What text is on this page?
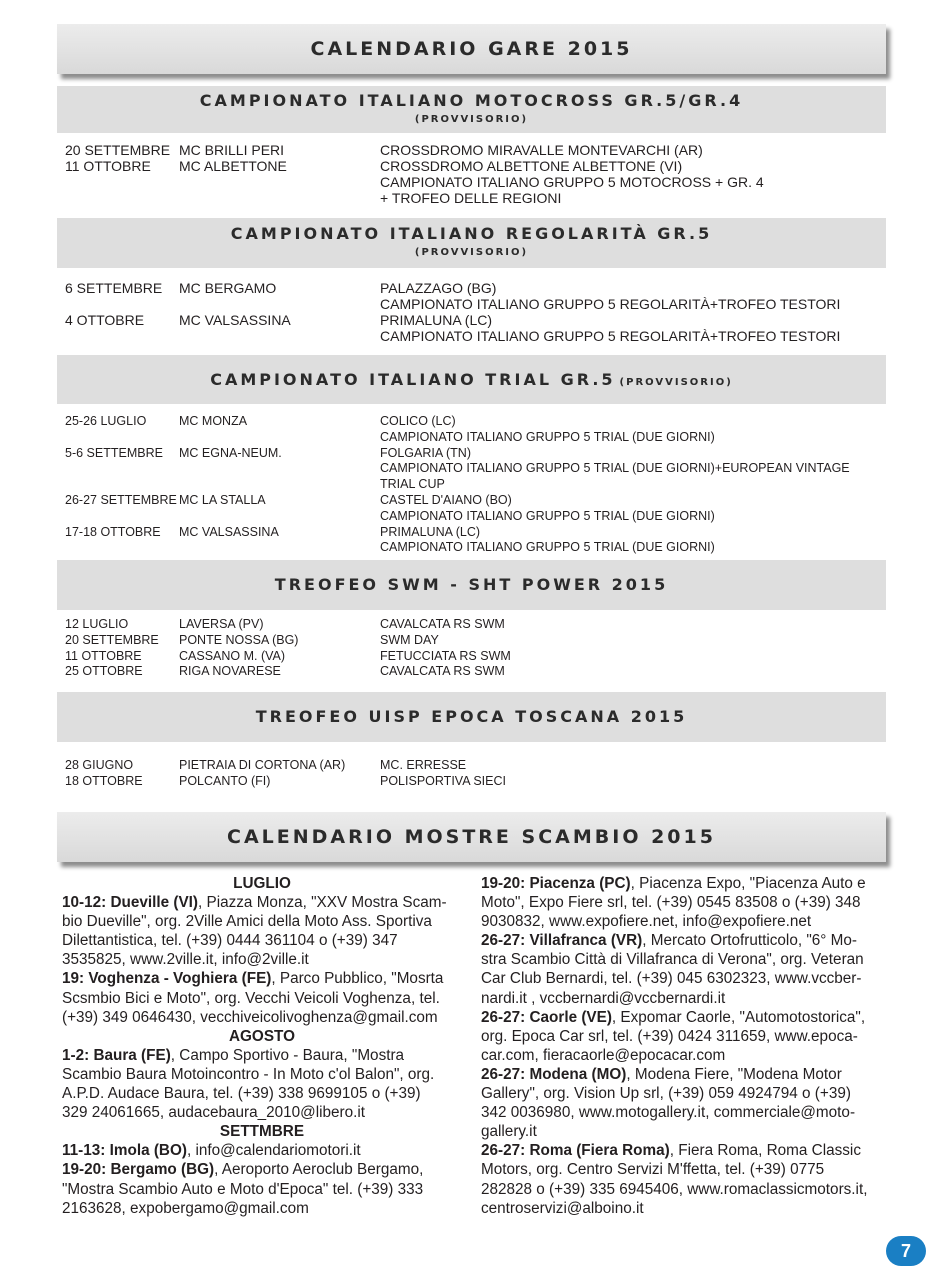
CALENDARIO GARE 2015
CAMPIONATO ITALIANO MOTOCROSS GR.5/GR.4
(PROVVISORIO)
20 SETTEMBRE MC BRILLI PERI	CROSSDROMO MIRAVALLE MONTEVARCHI (AR)
11 OTTOBRE MC ALBETTONE	CROSSDROMO ALBETTONE ALBETTONE (VI)
CAMPIONATO ITALIANO GRUPPO 5 MOTOCROSS + GR. 4
+ TROFEO DELLE REGIONI
CAMPIONATO ITALIANO REGOLARITÀ GR.5
(PROVVISORIO)
6 SETTEMBRE MC BERGAMO	PALAZZAGO (BG)
CAMPIONATO ITALIANO GRUPPO 5 REGOLARITÀ+TROFEO TESTORI
4 OTTOBRE MC VALSASSINA	PRIMALUNA (LC)
CAMPIONATO ITALIANO GRUPPO 5 REGOLARITÀ+TROFEO TESTORI
CAMPIONATO ITALIANO TRIAL GR.5 (PROVVISORIO)
25-26 LUGLIO	MC MONZA	COLICO (LC)
CAMPIONATO ITALIANO GRUPPO 5 TRIAL (DUE GIORNI)
5-6 SETTEMBRE MC EGNA-NEUM.	FOLGARIA (TN)
CAMPIONATO ITALIANO GRUPPO 5 TRIAL (DUE GIORNI)+EUROPEAN VINTAGE
TRIAL CUP
26-27 SETTEMBRE MC LA STALLA	CASTEL D'AIANO (BO)
CAMPIONATO ITALIANO GRUPPO 5 TRIAL (DUE GIORNI)
17-18 OTTOBRE MC VALSASSINA	PRIMALUNA (LC)
CAMPIONATO ITALIANO GRUPPO 5 TRIAL (DUE GIORNI)
TREOFEO SWM - SHT POWER 2015
12 LUGLIO	LAVERSA (PV)	CAVALCATA RS SWM
20 SETTEMBRE PONTE NOSSA (BG)	SWM DAY
11 OTTOBRE	CASSANO M. (VA)	FETUCCIATA RS SWM
25 OTTOBRE	RIGA NOVARESE	CAVALCATA RS SWM
TREOFEO UISP EPOCA TOSCANA 2015
28 GIUGNO	PIETRAIA DI CORTONA (AR)	MC. ERRESSE
18 OTTOBRE	POLCANTO (FI)	POLISPORTIVA SIECI
CALENDARIO MOSTRE SCAMBIO 2015
LUGLIO
10-12: Dueville (VI), Piazza Monza, "XXV Mostra Scam-
bio Dueville", org. 2Ville Amici della Moto Ass. Sportiva
Dilettantistica, tel. (+39) 0444 361104 o (+39) 347
3535825, www.2ville.it, info@2ville.it
19: Voghenza - Voghiera (FE), Parco Pubblico, "Mosrta
Scsmbio Bici e Moto", org. Vecchi Veicoli Voghenza, tel.
(+39) 349 0646430, vecchiveicolivoghenza@gmail.com
AGOSTO
1-2: Baura (FE), Campo Sportivo - Baura, "Mostra
Scambio Baura Motoincontro - In Moto c'ol Balon", org.
A.P.D. Audace Baura, tel. (+39) 338 9699105 o (+39)
329 24061665, audacebaura_2010@libero.it
SETTMBRE
11-13: Imola (BO), info@calendariomotori.it
19-20: Bergamo (BG), Aeroporto Aeroclub Bergamo,
"Mostra Scambio Auto e Moto d'Epoca" tel. (+39) 333
2163628, expobergamo@gmail.com
19-20: Piacenza (PC), Piacenza Expo, "Piacenza Auto e
Moto", Expo Fiere srl, tel. (+39) 0545 83508 o (+39) 348
9030832, www.expofiere.net, info@expofiere.net
26-27: Villafranca (VR), Mercato Ortofrutticolo, "6° Mo-
stra Scambio Città di Villafranca di Verona", org. Veteran
Car Club Bernardi, tel. (+39) 045 6302323, www.vccber-
nardi.it , vccbernardi@vccbernardi.it
26-27: Caorle (VE), Expomar Caorle, "Automotostorica",
org. Epoca Car srl, tel. (+39) 0424 311659, www.epoca-
car.com, fieracaorle@epocacar.com
26-27: Modena (MO), Modena Fiere, "Modena Motor
Gallery", org. Vision Up srl, (+39) 059 4924794 o (+39)
342 0036980, www.motogallery.it, commerciale@moto-
gallery.it
26-27: Roma (Fiera Roma), Fiera Roma, Roma Classic
Motors, org. Centro Servizi M'ffetta, tel. (+39) 0775
282828 o (+39) 335 6945406, www.romaclassicmotors.it,
centroservizi@alboino.it
7
